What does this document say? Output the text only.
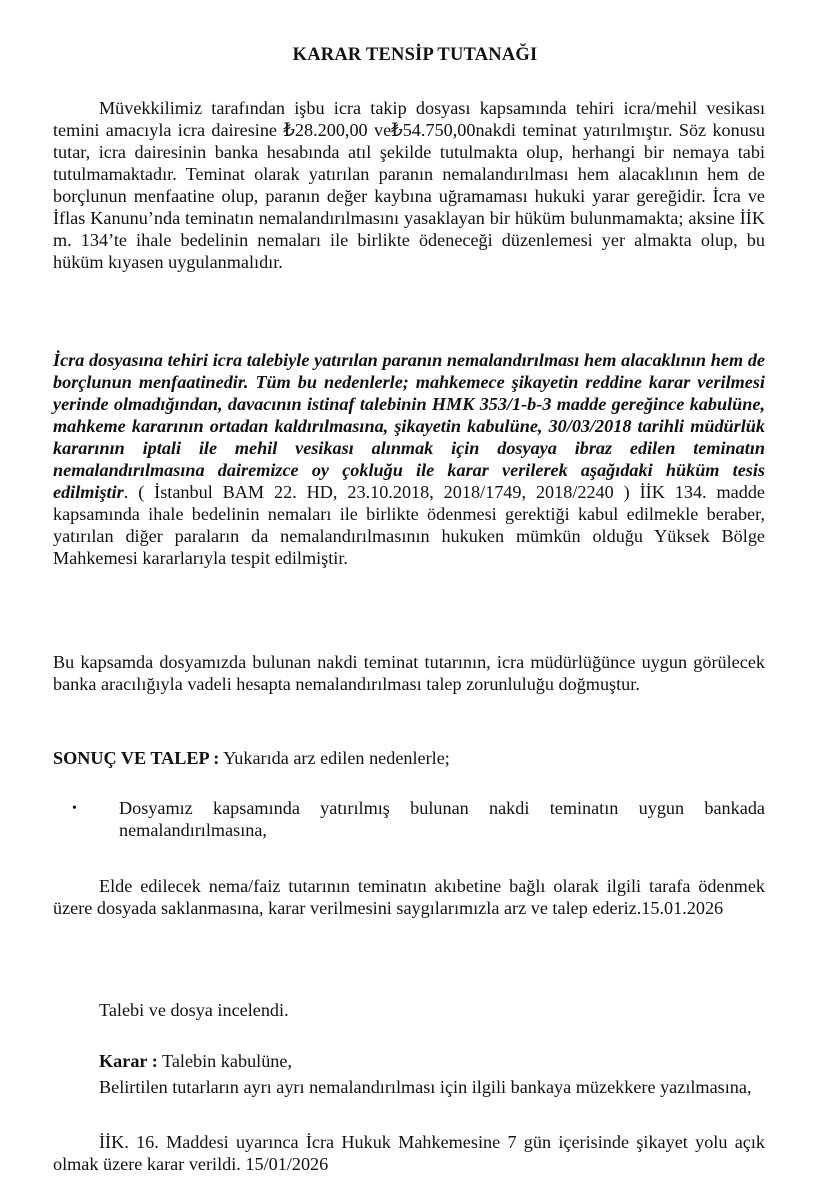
KARAR TENSİP TUTANAĞI

Müvekkilimiz tarafından işbu icra takip dosyası kapsamında tehiri icra/mehil vesikası temini amacıyla icra dairesine ₺28.200,00 ve₺54.750,00nakdi teminat yatırılmıştır. Söz konusu tutar, icra dairesinin banka hesabında atıl şekilde tutulmakta olup, herhangi bir nemaya tabi tutulmamaktadır. Teminat olarak yatırılan paranın nemalandırılması hem alacaklının hem de borçlunun menfaatine olup, paranın değer kaybına uğramaması hukuki yarar gereğidir. İcra ve İflas Kanunu’nda teminatın nemalandırılmasını yasaklayan bir hüküm bulunmamakta; aksine İİK m. 134’te ihale bedelinin nemaları ile birlikte ödeneceği düzenlemesi yer almakta olup, bu hüküm kıyasen uygulanmalıdır.

İcra dosyasına tehiri icra talebiyle yatırılan paranın nemalandırılması hem alacaklının hem de borçlunun menfaatinedir. Tüm bu nedenlerle; mahkemece şikayetin reddine karar verilmesi yerinde olmadığından, davacının istinaf talebinin HMK 353/1-b-3 madde gereğince kabulüne, mahkeme kararının ortadan kaldırılmasına, şikayetin kabulüne, 30/03/2018 tarihli müdürlük kararının iptali ile mehil vesikası alınmak için dosyaya ibraz edilen teminatın nemalandırılmasına dairemizce oy çokluğu ile karar verilerek aşağıdaki hüküm tesis edilmiştir. ( İstanbul BAM 22. HD, 23.10.2018, 2018/1749, 2018/2240 ) İİK 134. madde kapsamında ihale bedelinin nemaları ile birlikte ödenmesi gerektiği kabul edilmekle beraber, yatırılan diğer paraların da nemalandırılmasının hukuken mümkün olduğu Yüksek Bölge Mahkemesi kararlarıyla tespit edilmiştir.

Bu kapsamda dosyamızda bulunan nakdi teminat tutarının, icra müdürlüğünce uygun görülecek banka aracılığıyla vadeli hesapta nemalandırılması talep zorunluluğu doğmuştur.

SONUÇ VE TALEP : Yukarıda arz edilen nedenlerle;

• Dosyamız kapsamında yatırılmış bulunan nakdi teminatın uygun bankada nemalandırılmasına,

Elde edilecek nema/faiz tutarının teminatın akıbetine bağlı olarak ilgili tarafa ödenmek üzere dosyada saklanmasına, karar verilmesini saygılarımızla arz ve talep ederiz.15.01.2026

Talebi ve dosya incelendi.

Karar : Talebin kabulüne,

Belirtilen tutarların ayrı ayrı nemalandırılması için ilgili bankaya müzekkere yazılmasına,

İİK. 16. Maddesi uyarınca İcra Hukuk Mahkemesine 7 gün içerisinde şikayet yolu açık olmak üzere karar verildi. 15/01/2026
